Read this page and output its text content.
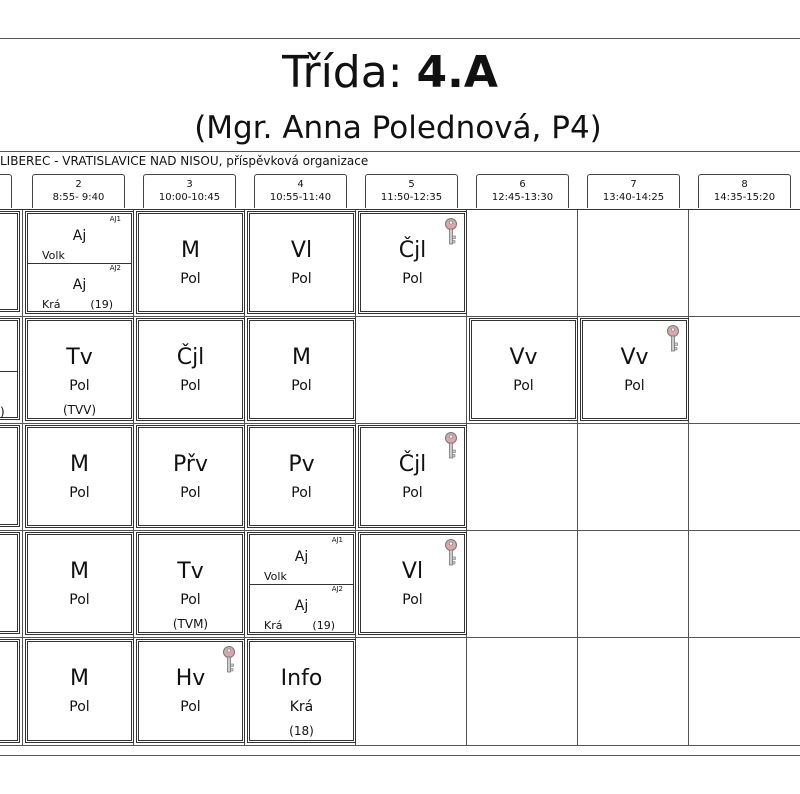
Třída: 4.A
(Mgr. Anna Polednová, P4)
LIBEREC - VRATISLAVICE NAD NISOU, příspěvková organizace
2
8:55- 9:40
3
10:00-10:45
4
10:55-11:40
5
11:50-12:35
6
12:45-13:30
7
13:40-14:25
8
14:35-15:20
)
AJ1
Aj
Volk
AJ2
Aj
Krá	(19)
M
Pol
Vl
Pol
Čjl
Pol
Tv
Pol
(TVV)
Čjl
Pol
M
Pol
Vv
Pol
Vv
Pol
M
Pol
Přv
Pol
Pv
Pol
Čjl
Pol
M
Pol
Tv
Pol
(TVM)
AJ1
Aj
Volk
AJ2
Aj
Krá	(19)
Vl
Pol
M
Pol
Hv
Pol
Info
Krá
(18)
